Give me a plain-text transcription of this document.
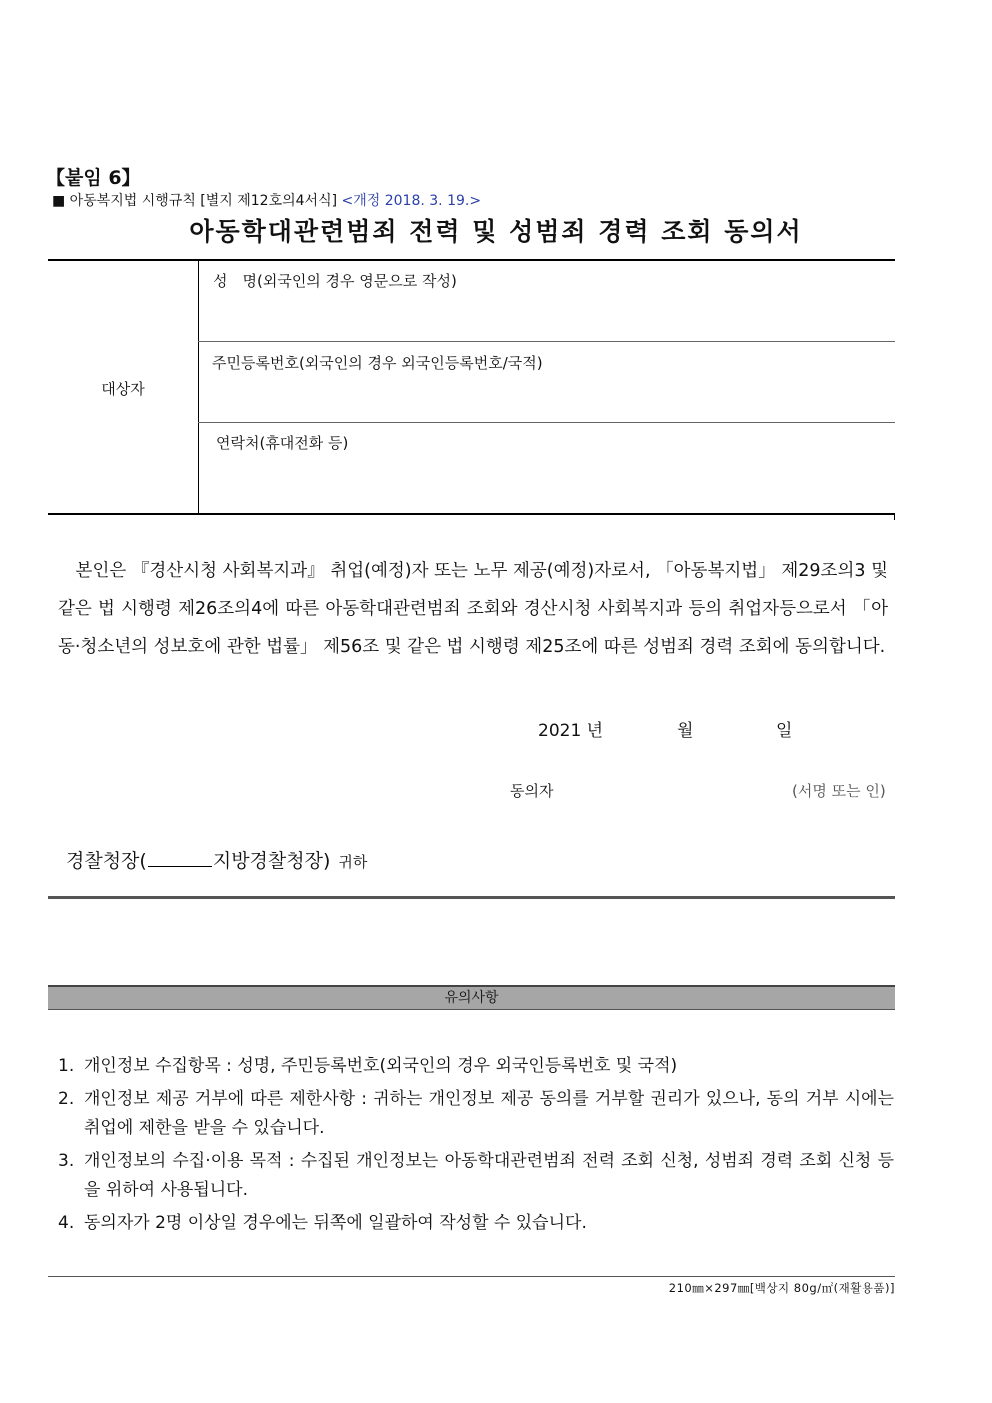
【붙임 6】
■ 아동복지법 시행규칙 [별지 제12호의4서식] <개정 2018. 3. 19.>
아동학대관련범죄 전력 및 성범죄 경력 조회 동의서
대상자
성　명(외국인의 경우 영문으로 작성)
주민등록번호(외국인의 경우 외국인등록번호/국적)
연락처(휴대전화 등)
　본인은 『경산시청 사회복지과』 취업(예정)자 또는 노무 제공(예정)자로서, 「아동복지법」 제29조의3 및 같은 법 시행령 제26조의4에 따른 아동학대관련범죄 조회와 경산시청 사회복지과 등의 취업자등으로서 「아동·청소년의 성보호에 관한 법률」 제56조 및 같은 법 시행령 제25조에 따른 성범죄 경력 조회에 동의합니다.
2021 년	월	일
동의자	(서명 또는 인)
경찰청장(	지방경찰청장) 귀하
유의사항
1. 개인정보 수집항목 : 성명, 주민등록번호(외국인의 경우 외국인등록번호 및 국적)
2. 개인정보 제공 거부에 따른 제한사항 : 귀하는 개인정보 제공 동의를 거부할 권리가 있으나, 동의 거부 시에는 취업에 제한을 받을 수 있습니다.
3. 개인정보의 수집·이용 목적 : 수집된 개인정보는 아동학대관련범죄 전력 조회 신청, 성범죄 경력 조회 신청 등을 위하여 사용됩니다.
4. 동의자가 2명 이상일 경우에는 뒤쪽에 일괄하여 작성할 수 있습니다.
210㎜×297㎜[백상지 80g/㎡(재활용품)]
